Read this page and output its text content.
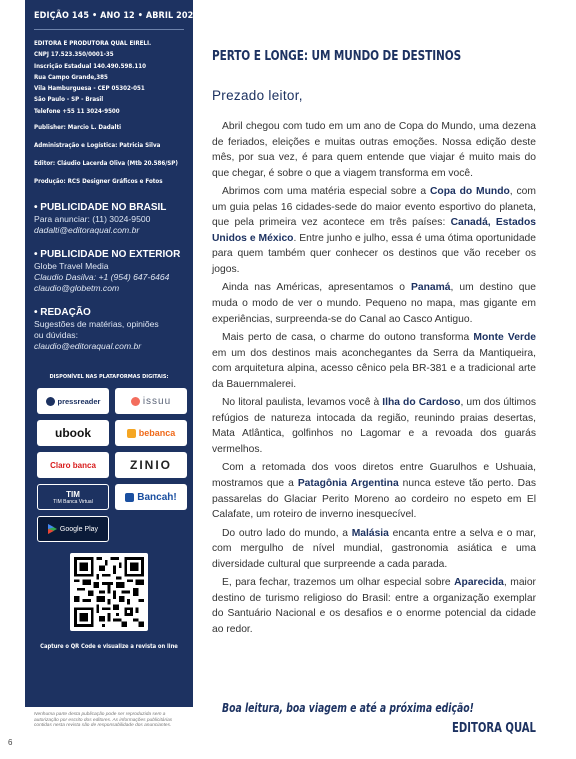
EDIÇÃO 145 • ANO 12 • ABRIL 2026
EDITORA E PRODUTORA QUAL EIRELI.
CNPJ 17.523.350/0001-35
Inscrição Estadual 140.490.598.110
Rua Campo Grande,385
Vila Hamburguesa - CEP 05302-051
São Paulo - SP - Brasil
Telefone +55 11 3024-9500
Publisher: Marcio L. Dadalti
Administração e Logística: Patricia Silva
Editor: Cláudio Lacerda Oliva (Mtb 20.586/SP)
Produção: RCS Designer Gráficos e Fotos
• PUBLICIDADE NO BRASIL
Para anunciar: (11) 3024-9500
dadalti@editoraqual.com.br
• PUBLICIDADE NO EXTERIOR
Globe Travel Media
Claudio Dasilva: +1 (954) 647-6464
claudio@globetm.com
• REDAÇÃO
Sugestões de matérias, opiniões
ou dúvidas:
claudio@editoraqual.com.br
DISPONÍVEL NAS PLATAFORMAS DIGITAIS:
pressreader	issuu
ubook	bebanca
Claro banca	ZINIO
TIM
TIM Banca Virtual	Bancah!
Google Play
Capture o QR Code e visualize a revista on line
Nenhuma parte desta publicação pode ser reproduzida sem a autorização por escrito dos editores. As informações publicitárias contidas nesta revista são de responsabilidade dos anunciantes.
6
PERTO E LONGE: UM MUNDO DE DESTINOS
Prezado leitor,

Abril chegou com tudo em um ano de Copa do Mundo, uma dezena de feriados, eleições e muitas outras emoções. Nossa edição deste mês, por sua vez, é para quem entende que viajar é muito mais do que chegar, é sobre o que a viagem transforma em você.

Abrimos com uma matéria especial sobre a Copa do Mundo, com um guia pelas 16 cidades-sede do maior evento esportivo do planeta, que pela primeira vez acontece em três países: Canadá, Estados Unidos e México. Entre junho e julho, essa é uma ótima oportunidade para quem também quer conhecer os destinos que vão receber os jogos.

Ainda nas Américas, apresentamos o Panamá, um destino que muda o modo de ver o mundo. Pequeno no mapa, mas gigante em experiências, surpreenda-se do Canal ao Casco Antiguo.

Mais perto de casa, o charme do outono transforma Monte Verde em um dos destinos mais aconchegantes da Serra da Mantiqueira, com arquitetura alpina, acesso cênico pela BR-381 e a tradicional arte da Bauernmalerei.

No litoral paulista, levamos você à Ilha do Cardoso, um dos últimos refúgios de natureza intocada da região, reunindo praias desertas, Mata Atlântica, golfinhos no Lagomar e a revoada dos guarás vermelhos.

Com a retomada dos voos diretos entre Guarulhos e Ushuaia, mostramos que a Patagônia Argentina nunca esteve tão perto. Das passarelas do Glaciar Perito Moreno ao cordeiro no espeto em El Calafate, um roteiro de inverno inesquecível.

Do outro lado do mundo, a Malásia encanta entre a selva e o mar, com mergulho de nível mundial, gastronomia asiática e uma diversidade cultural que surpreende a cada parada.

E, para fechar, trazemos um olhar especial sobre Aparecida, maior destino de turismo religioso do Brasil: entre a organização exemplar do Santuário Nacional e os desafios e o enorme potencial da cidade ao redor.

Boa leitura, boa viagem e até a próxima edição!
EDITORA QUAL
